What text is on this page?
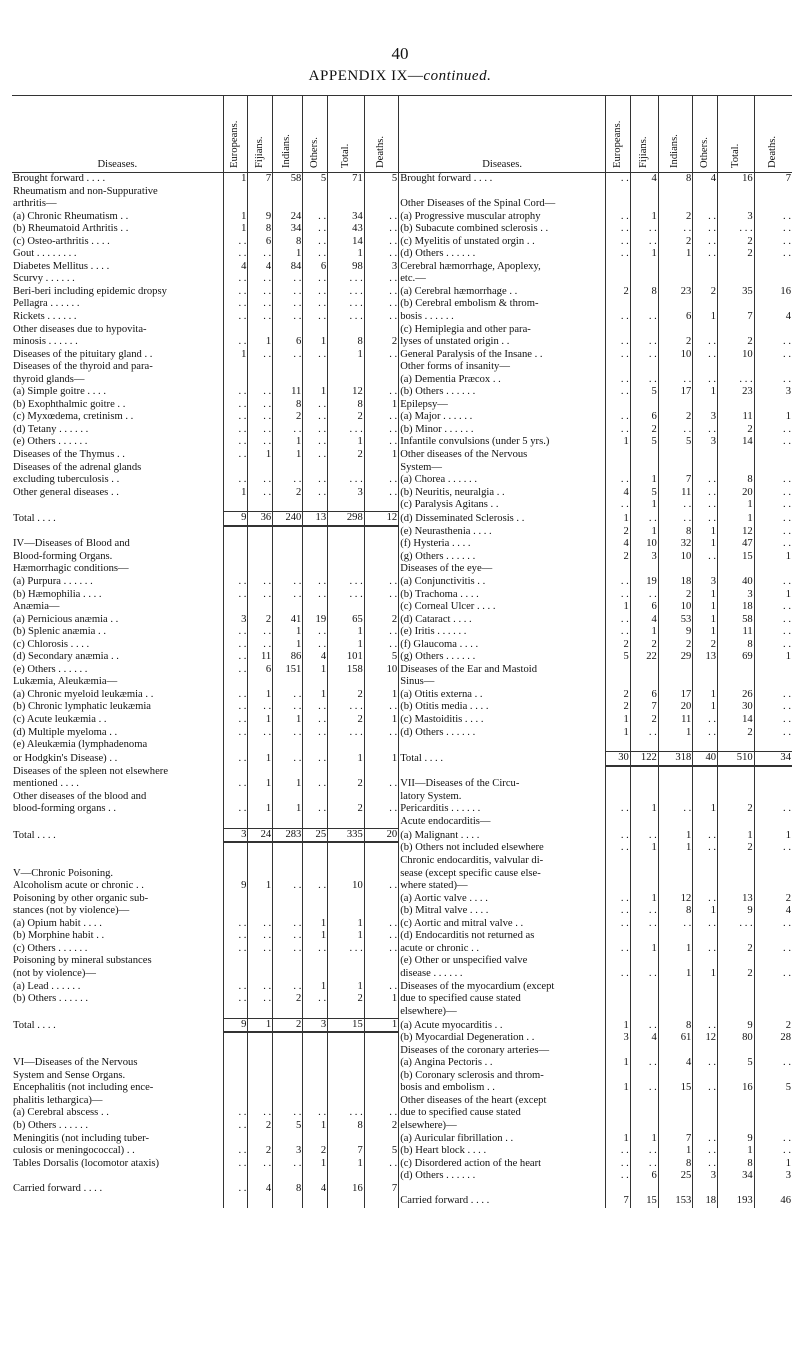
40
APPENDIX IX—continued.
Diseases.	Europeans.	Fijians.	Indians.	Others.	Total.	Deaths.	Diseases.	Europeans.	Fijians.	Indians.	Others.	Total.	Deaths.

Brought forward . . . .	1	7	58	5	71	5	Brought forward . . . .	. .	4	8	4	16	7
Rheumatism and non-Suppurative													
arthritis—							Other Diseases of the Spinal Cord—						
(a) Chronic Rheumatism . .	1	9	24	. .	34	. .	(a) Progressive muscular atrophy	. .	1	2	. .	3	. .
(b) Rheumatoid Arthritis . .	1	8	34	. .	43	. .	(b) Subacute combined sclerosis . .	. .	. .	. .	. .	. . .	. .
(c) Osteo-arthritis . . . .	. .	6	8	. .	14	. .	(c) Myelitis of unstated orgin . .	. .	. .	2	. .	2	. .
Gout . . . . . . . .	. .	. .	1	. .	1	. .	(d) Others . . . . . .	. .	1	1	. .	2	. .
Diabetes Mellitus . . . .	4	4	84	6	98	3	Cerebral hæmorrhage, Apoplexy,						
Scurvy . . . . . .	. .	. .	. .	. .	. . .	. .	etc.—						
Beri-beri including epidemic dropsy	. .	. .	. .	. .	. . .	. .	(a) Cerebral hæmorrhage . .	2	8	23	2	35	16
Pellagra . . . . . .	. .	. .	. .	. .	. . .	. .	(b) Cerebral embolism & throm-						
Rickets . . . . . .	. .	. .	. .	. .	. . .	. .	bosis . . . . . .	. .	. .	6	1	7	4
Other diseases due to hypovita-							(c) Hemiplegia and other para-						
minosis . . . . . .	. .	1	6	1	8	2	lyses of unstated origin . .	. .	. .	2	. .	2	. .
Diseases of the pituitary gland . .	1	. .	. .	. .	1	. .	General Paralysis of the Insane . .	. .	. .	10	. .	10	. .
Diseases of the thyroid and para-							Other forms of insanity—						
thyroid glands—							(a) Dementia Præcox . .	. .	. .	. .	. .	. . .	. .
(a) Simple goitre . . . .	. .	. .	11	1	12	. .	(b) Others . . . . . .	. .	5	17	1	23	3
(b) Exophthalmic goitre . .	. .	. .	8	. .	8	1	Epilepsy—						
(c) Myxœdema, cretinism . .	. .	. .	2	. .	2	. .	(a) Major . . . . . .	. .	6	2	3	11	1
(d) Tetany . . . . . .	. .	. .	. .	. .	. . .	. .	(b) Minor . . . . . .	. .	2	. .	. .	2	. .
(e) Others . . . . . .	. .	. .	1	. .	1	. .	Infantile convulsions (under 5 yrs.)	1	5	5	3	14	. .
Diseases of the Thymus . .	. .	1	1	. .	2	1	Other diseases of the Nervous						
Diseases of the adrenal glands							System—						
excluding tuberculosis . .	. .	. .	. .	. .	. . .	. .	(a) Chorea . . . . . .	. .	1	7	. .	8	. .
Other general diseases . .	1	. .	2	. .	3	. .	(b) Neuritis, neuralgia . .	4	5	11	. .	20	. .
							(c) Paralysis Agitans . .	. .	1	. .	. .	1	. .
Total . . . .	9	36	240	13	298	12	(d) Disseminated Sclerosis . .	1	. .	. .	. .	1	. .
							(e) Neurasthenia . . . .	2	1	8	1	12	. .
IV—Diseases of Blood and							(f) Hysteria . . . .	4	10	32	1	47	. .
Blood-forming Organs.							(g) Others . . . . . .	2	3	10	. .	15	1
Hæmorrhagic conditions—							Diseases of the eye—						
(a) Purpura . . . . . .	. .	. .	. .	. .	. . .	. .	(a) Conjunctivitis . .	. .	19	18	3	40	. .
(b) Hæmophilia . . . .	. .	. .	. .	. .	. . .	. .	(b) Trachoma . . . .	. .	. .	2	1	3	1
Anæmia—							(c) Corneal Ulcer . . . .	1	6	10	1	18	. .
(a) Pernicious anæmia . .	3	2	41	19	65	2	(d) Cataract . . . .	. .	4	53	1	58	. .
(b) Splenic anæmia . .	. .	. .	1	. .	1	. .	(e) Iritis . . . . . .	. .	1	9	1	11	. .
(c) Chlorosis . . . .	. .	. .	1	. .	1	. .	(f) Glaucoma . . . .	2	2	2	2	8	. .
(d) Secondary anæmia . .	. .	11	86	4	101	5	(g) Others . . . . . .	5	22	29	13	69	1
(e) Others . . . . . .	. .	6	151	1	158	10	Diseases of the Ear and Mastoid						
Lukæmia, Aleukæmia—							Sinus—						
(a) Chronic myeloid leukæmia . .	. .	1	. .	1	2	1	(a) Otitis externa . .	2	6	17	1	26	. .
(b) Chronic lymphatic leukæmia	. .	. .	. .	. .	. . .	. .	(b) Otitis media . . . .	2	7	20	1	30	. .
(c) Acute leukæmia . .	. .	1	1	. .	2	1	(c) Mastoiditis . . . .	1	2	11	. .	14	. .
(d) Multiple myeloma . .	. .	. .	. .	. .	. . .	. .	(d) Others . . . . . .	1	. .	1	. .	2	. .
(e) Aleukæmia (lymphadenoma													
or Hodgkin's Disease) . .	. .	1	. .	. .	1	1	Total . . . .	30	122	318	40	510	34
Diseases of the spleen not elsewhere													
mentioned . . . .	. .	1	1	. .	2	. .	VII—Diseases of the Circu-						
Other diseases of the blood and							latory System.						
blood-forming organs . .	. .	1	1	. .	2	. .	Pericarditis . . . . . .	. .	1	. .	1	2	. .
							Acute endocarditis—						
Total . . . .	3	24	283	25	335	20	(a) Malignant . . . .	. .	. .	1	. .	1	1
							(b) Others not included elsewhere	. .	1	1	. .	2	. .
							Chronic endocarditis, valvular di-						
V—Chronic Poisoning.							sease (except specific cause else-						
Alcoholism acute or chronic . .	9	1	. .	. .	10	. .	where stated)—						
Poisoning by other organic sub-							(a) Aortic valve . . . .	. .	1	12	. .	13	2
stances (not by violence)—							(b) Mitral valve . . . .	. .	. .	8	1	9	4
(a) Opium habit . . . .	. .	. .	. .	1	1	. .	(c) Aortic and mitral valve . .	. .	. .	. .	. .	. . .	. .
(b) Morphine habit . .	. .	. .	. .	1	1	. .	(d) Endocarditis not returned as						
(c) Others . . . . . .	. .	. .	. .	. .	. . .	. .	acute or chronic . .	. .	1	1	. .	2	. .
Poisoning by mineral substances							(e) Other or unspecified valve						
(not by violence)—							disease . . . . . .	. .	. .	1	1	2	. .
(a) Lead . . . . . .	. .	. .	. .	1	1	. .	Diseases of the myocardium (except						
(b) Others . . . . . .	. .	. .	2	. .	2	1	due to specified cause stated						
							elsewhere)—						
Total . . . .	9	1	2	3	15	1	(a) Acute myocarditis . .	1	. .	8	. .	9	2
							(b) Myocardial Degeneration . .	3	4	61	12	80	28
							Diseases of the coronary arteries—						
VI—Diseases of the Nervous							(a) Angina Pectoris . .	1	. .	4	. .	5	. .
System and Sense Organs.							(b) Coronary sclerosis and throm-						
Encephalitis (not including ence-							bosis and embolism . .	1	. .	15	. .	16	5
phalitis lethargica)—							Other diseases of the heart (except						
(a) Cerebral abscess . .	. .	. .	. .	. .	. . .	. .	due to specified cause stated						
(b) Others . . . . . .	. .	2	5	1	8	2	elsewhere)—						
Meningitis (not including tuber-							(a) Auricular fibrillation . .	1	1	7	. .	9	. .
culosis or meningococcal) . .	. .	2	3	2	7	5	(b) Heart block . . . .	. .	. .	1	. .	1	. .
Tables Dorsalis (locomotor ataxis)	. .	. .	. .	1	1	. .	(c) Disordered action of the heart	. .	. .	8	. .	8	1
							(d) Others . . . . . .	. .	6	25	3	34	3
Carried forward . . . .	. .	4	8	4	16	7							
							Carried forward . . . .	7	15	153	18	193	46
